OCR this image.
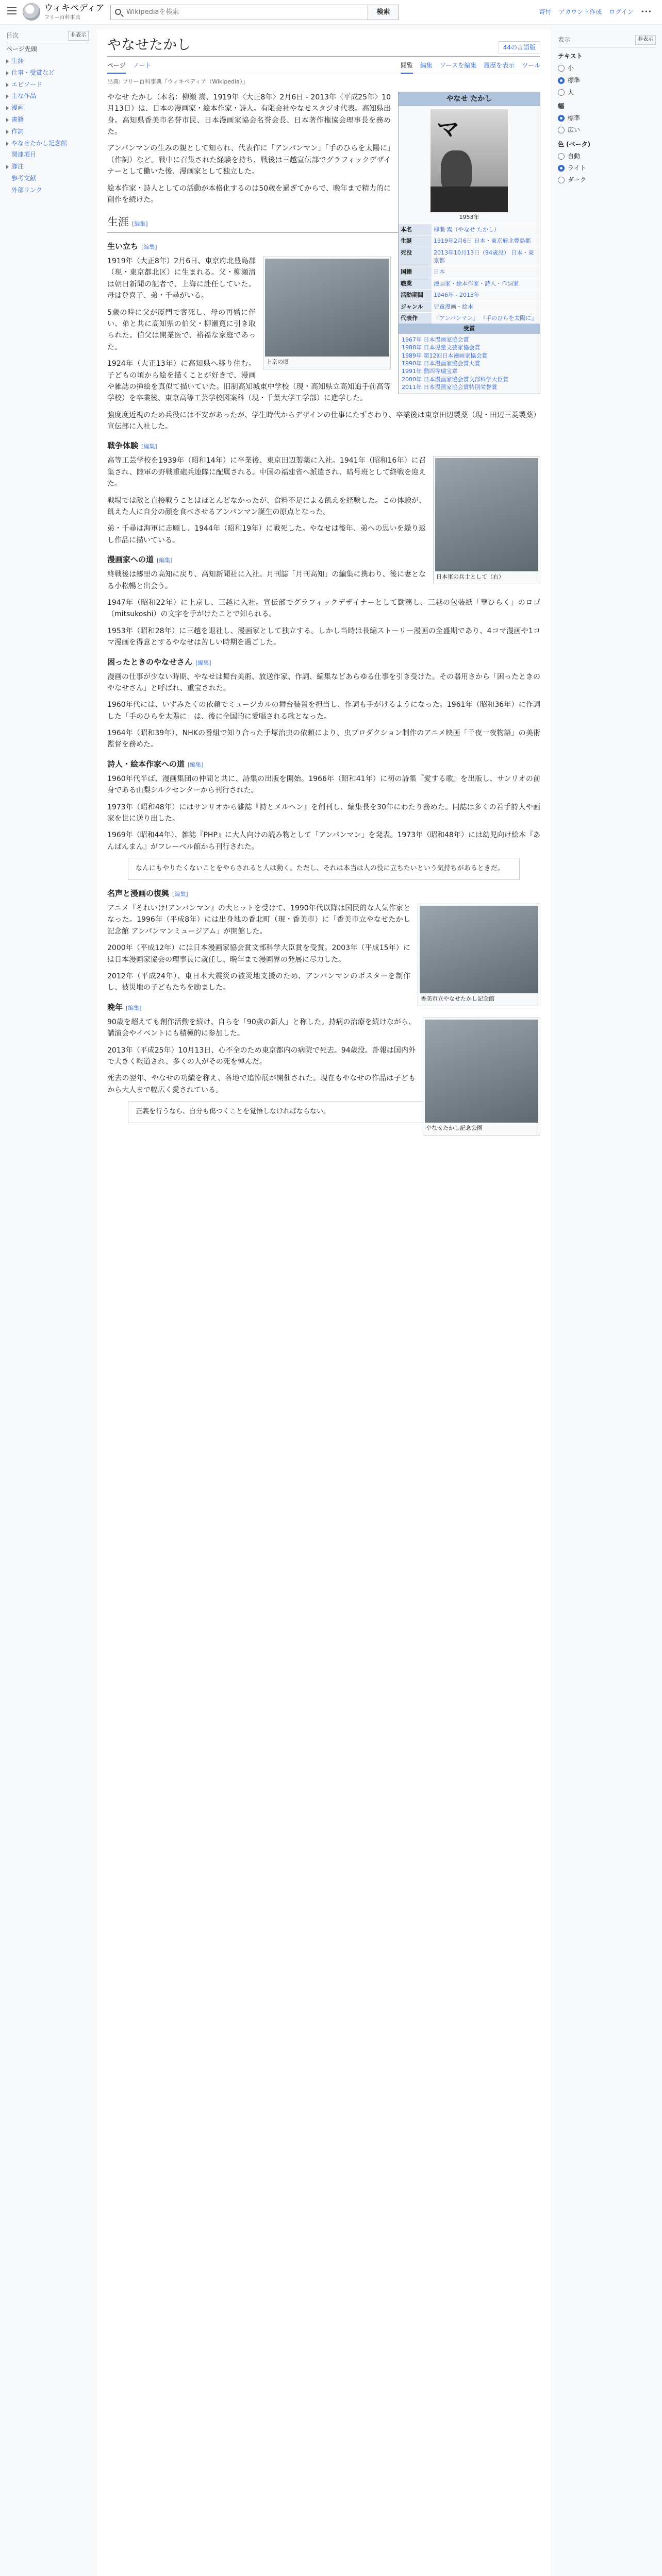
ウィキペディア
フリー百科事典
Wikipediaを検索
検索	寄付 アカウント作成 ログイン •••
目次	非表示
ページ先頭
生涯
仕事・受賞など
エピソード
主な作品
漫画
書籍
作詞
やなせたかし記念館
関連項目
脚注
参考文献
外部リンク
やなせたかし	44の言語版
ページ ノート	閲覧 編集 ソースを編集 履歴を表示 ツール
出典: フリー百科事典『ウィキペディア（Wikipedia）』
やなせ たかし
マ
1953年
本名	柳瀬 嵩（やなせ たかし）
生誕	1919年2月6日 日本・東京府北豊島郡
死没	2013年10月13日（94歳没） 日本・東京都
国籍	日本
職業	漫画家・絵本作家・詩人・作詞家
活動期間	1946年 - 2013年
ジャンル	児童漫画・絵本
代表作	『アンパンマン』 『手のひらを太陽に』
受賞
1967年 日本漫画家協会賞
1988年 日本児童文芸家協会賞
1989年 第12回日本漫画家協会賞
1990年 日本漫画家協会賞大賞
1991年 勲四等瑞宝章
2000年 日本漫画家協会賞文部科学大臣賞
2011年 日本漫画家協会賞特別栄誉賞

やなせ たかし（本名：柳瀬 嵩、1919年〈大正8年〉2月6日 - 2013年〈平成25年〉10月13日）は、日本の漫画家・絵本作家・詩人。有限会社やなせスタジオ代表。高知県出身。高知県香美市名誉市民、日本漫画家協会名誉会長、日本著作権協会理事長を務めた。

アンパンマンの生みの親として知られ、代表作に「アンパンマン」「手のひらを太陽に」（作詞）など。戦中に召集された経験を持ち、戦後は三越宣伝部でグラフィックデザイナーとして働いた後、漫画家として独立した。

絵本作家・詩人としての活動が本格化するのは50歳を過ぎてからで、晩年まで精力的に創作を続けた。

生涯 [編集]
生い立ち [編集]
上京の頃

1919年（大正8年）2月6日、東京府北豊島郡（現・東京都北区）に生まれる。父・柳瀬清は朝日新聞の記者で、上海に赴任していた。母は登喜子、弟・千尋がいる。

5歳の時に父が厦門で客死し、母の再婚に伴い、弟と共に高知県の伯父・柳瀬寛に引き取られた。伯父は開業医で、裕福な家庭であった。

1924年（大正13年）に高知県へ移り住む。子どもの頃から絵を描くことが好きで、漫画や雑誌の挿絵を真似て描いていた。旧制高知城東中学校（現・高知県立高知追手前高等学校）を卒業後、東京高等工芸学校図案科（現・千葉大学工学部）に進学した。

強度度近視のため兵役には不安があったが、学生時代からデザインの仕事にたずさわり、卒業後は東京田辺製薬（現・田辺三菱製薬）宣伝部に入社した。

戦争体験 [編集]
日本軍の兵士として（右）

高等工芸学校を1939年（昭和14年）に卒業後、東京田辺製薬に入社。1941年（昭和16年）に召集され、陸軍の野戦重砲兵連隊に配属される。中国の福建省へ派遣され、暗号班として終戦を迎えた。

戦場では敵と直接戦うことはほとんどなかったが、食料不足による飢えを経験した。この体験が、飢えた人に自分の顔を食べさせるアンパンマン誕生の原点となった。

弟・千尋は海軍に志願し、1944年（昭和19年）に戦死した。やなせは後年、弟への思いを繰り返し作品に描いている。

漫画家への道 [編集]

終戦後は郷里の高知に戻り、高知新聞社に入社。月刊誌「月刊高知」の編集に携わり、後に妻となる小松暢と出会う。

1947年（昭和22年）に上京し、三越に入社。宣伝部でグラフィックデザイナーとして勤務し、三越の包装紙「華ひらく」のロゴ（mitsukoshi）の文字を手がけたことで知られる。

1953年（昭和28年）に三越を退社し、漫画家として独立する。しかし当時は長編ストーリー漫画の全盛期であり、4コマ漫画や1コマ漫画を得意とするやなせは苦しい時期を過ごした。

困ったときのやなせさん [編集]

漫画の仕事が少ない時期、やなせは舞台美術、放送作家、作詞、編集などあらゆる仕事を引き受けた。その器用さから「困ったときのやなせさん」と呼ばれ、重宝された。

1960年代には、いずみたくの依頼でミュージカルの舞台装置を担当し、作詞も手がけるようになった。1961年（昭和36年）に作詞した「手のひらを太陽に」は、後に全国的に愛唱される歌となった。

1964年（昭和39年）、NHKの番組で知り合った手塚治虫の依頼により、虫プロダクション制作のアニメ映画「千夜一夜物語」の美術監督を務めた。

詩人・絵本作家への道 [編集]

1960年代半ば、漫画集団の仲間と共に、詩集の出版を開始。1966年（昭和41年）に初の詩集『愛する歌』を出版し、サンリオの前身である山梨シルクセンターから刊行された。

1973年（昭和48年）にはサンリオから雑誌『詩とメルヘン』を創刊し、編集長を30年にわたり務めた。同誌は多くの若手詩人や画家を世に送り出した。

1969年（昭和44年）、雑誌『PHP』に大人向けの読み物として「アンパンマン」を発表。1973年（昭和48年）には幼児向け絵本『あんぱんまん』がフレーベル館から刊行された。

なんにもやりたくないことをやらされると人は動く。ただし、それは本当は人の役に立ちたいという気持ちがあるときだ。
名声と漫画の復興 [編集]
香美市立やなせたかし記念館

アニメ『それいけ!アンパンマン』の大ヒットを受けて、1990年代以降は国民的な人気作家となった。1996年（平成8年）には出身地の香北町（現・香美市）に「香美市立やなせたかし記念館 アンパンマンミュージアム」が開館した。

2000年（平成12年）には日本漫画家協会賞文部科学大臣賞を受賞。2003年（平成15年）には日本漫画家協会の理事長に就任し、晩年まで漫画界の発展に尽力した。

2012年（平成24年）、東日本大震災の被災地支援のため、アンパンマンのポスターを制作し、被災地の子どもたちを励ました。

晩年 [編集]
やなせたかし記念公園

90歳を超えても創作活動を続け、自らを「90歳の新人」と称した。持病の治療を続けながら、講演会やイベントにも積極的に参加した。

2013年（平成25年）10月13日、心不全のため東京都内の病院で死去。94歳没。訃報は国内外で大きく報道され、多くの人がその死を悼んだ。

死去の翌年、やなせの功績を称え、各地で追悼展が開催された。現在もやなせの作品は子どもから大人まで幅広く愛されている。

正義を行うなら、自分も傷つくことを覚悟しなければならない。
表示	非表示
テキスト
小
標準
大
幅
標準
広い
色 (ベータ)
自動
ライト
ダーク
